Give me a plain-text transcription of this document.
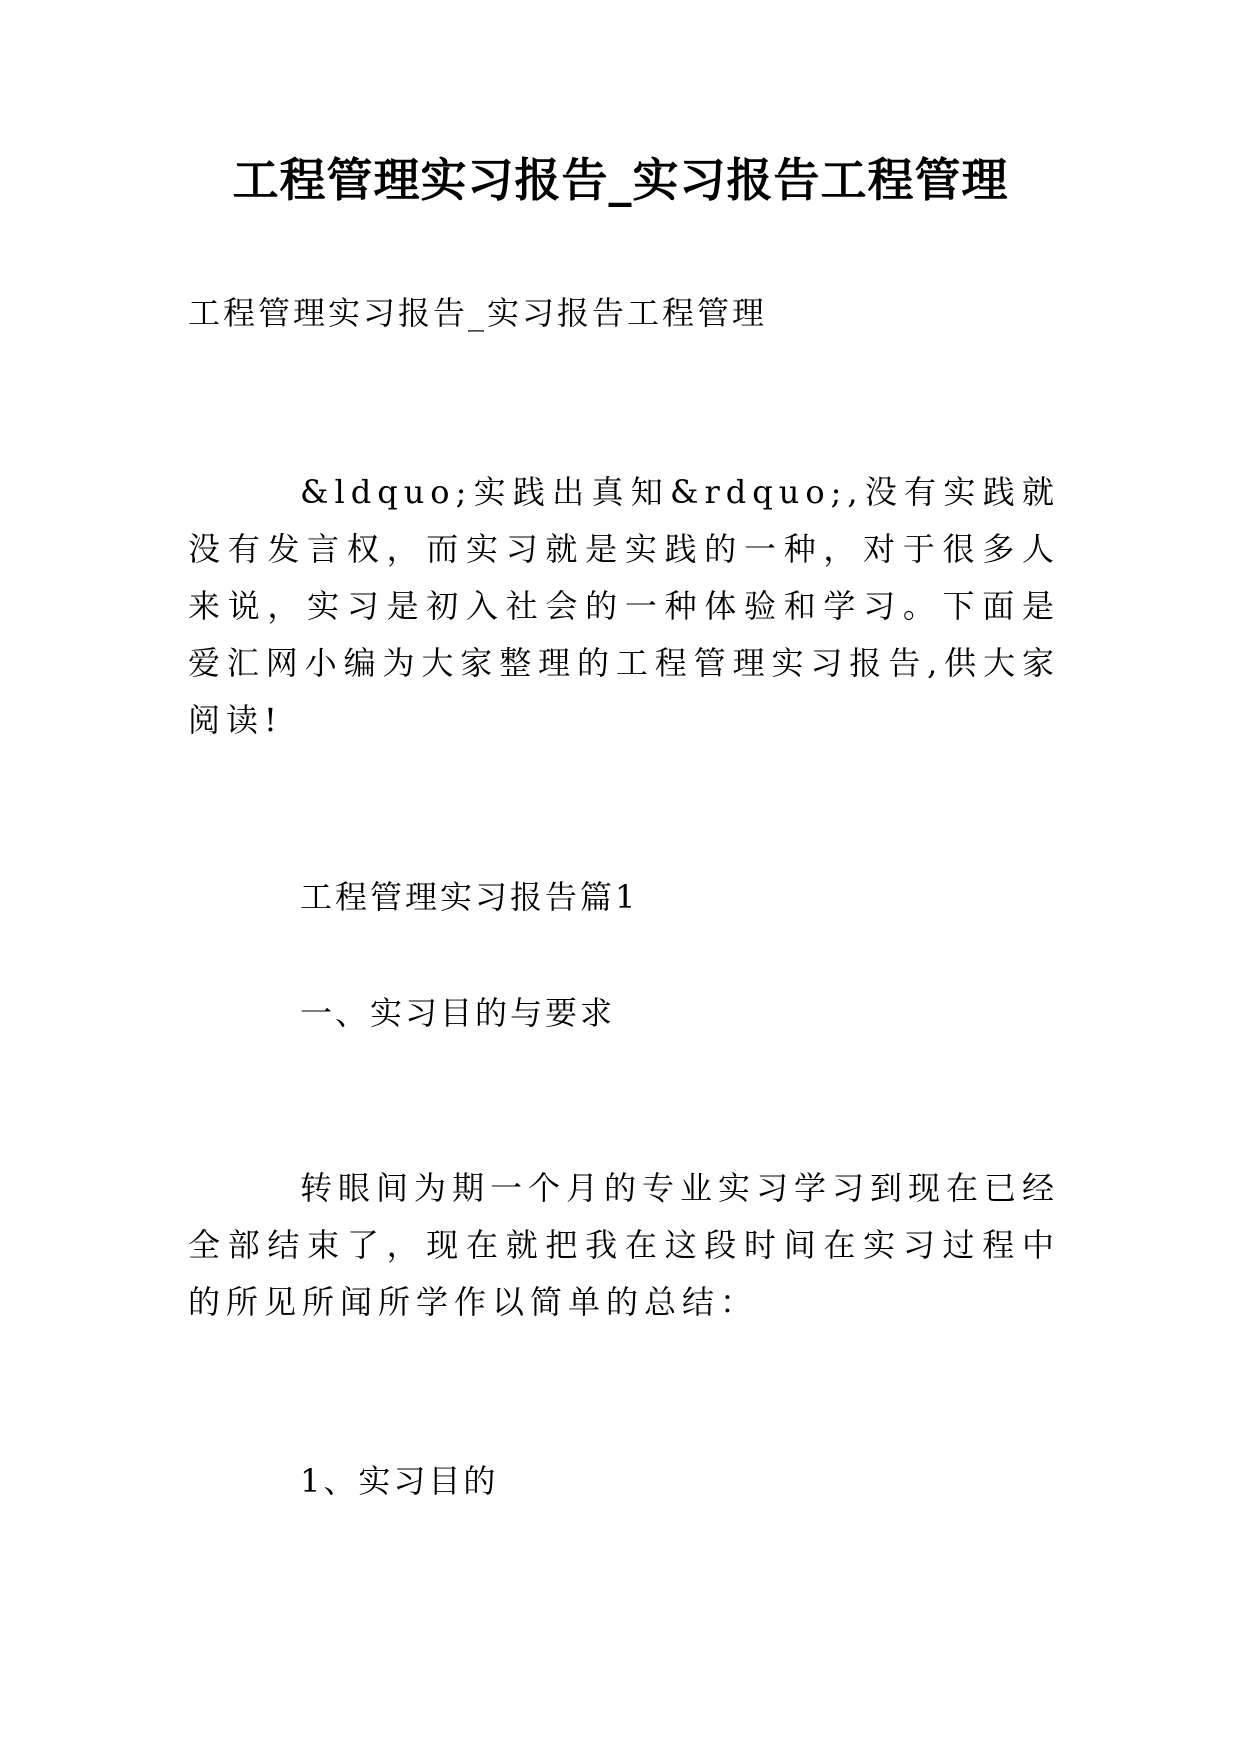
工程管理实习报告_实习报告工程管理

工程管理实习报告_实习报告工程管理

&ldquo;实践出真知&rdquo;,没有实践就没有发言权，而实习就是实践的一种，对于很多人来说，实习是初入社会的一种体验和学习。下面是爱汇网小编为大家整理的工程管理实习报告,供大家阅读!

工程管理实习报告篇1

一、实习目的与要求

转眼间为期一个月的专业实习学习到现在已经全部结束了，现在就把我在这段时间在实习过程中的所见所闻所学作以简单的总结：

1、实习目的
